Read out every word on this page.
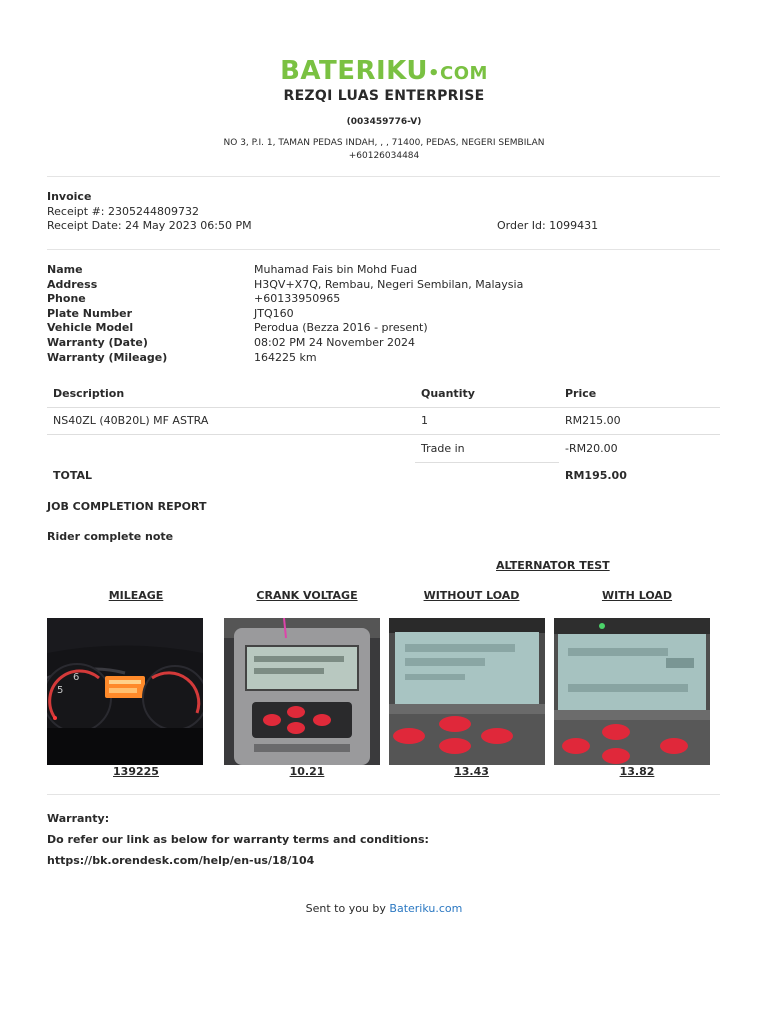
BATERIKU•COM
REZQI LUAS ENTERPRISE
(003459776-V)
NO 3, P.I. 1, TAMAN PEDAS INDAH, , , 71400, PEDAS, NEGERI SEMBILAN
+60126034484
Invoice
Receipt #: 2305244809732
Receipt Date: 24 May 2023 06:50 PM	Order Id: 1099431
Name	Muhamad Fais bin Mohd Fuad
Address	H3QV+X7Q, Rembau, Negeri Sembilan, Malaysia
Phone	+60133950965
Plate Number	JTQ160
Vehicle Model	Perodua (Bezza 2016 - present)
Warranty (Date)	08:02 PM 24 November 2024
Warranty (Mileage)	164225 km
Description	Quantity	Price
NS40ZL (40B20L) MF ASTRA	1	RM215.00
	Trade in	-RM20.00
TOTAL		RM195.00
JOB COMPLETION REPORT
Rider complete note
ALTERNATOR TEST
MILEAGE	CRANK VOLTAGE	WITHOUT LOAD	WITH LOAD
5
6
139225	10.21	13.43	13.82
Warranty:
Do refer our link as below for warranty terms and conditions:
https://bk.orendesk.com/help/en-us/18/104
Sent to you by Bateriku.com
